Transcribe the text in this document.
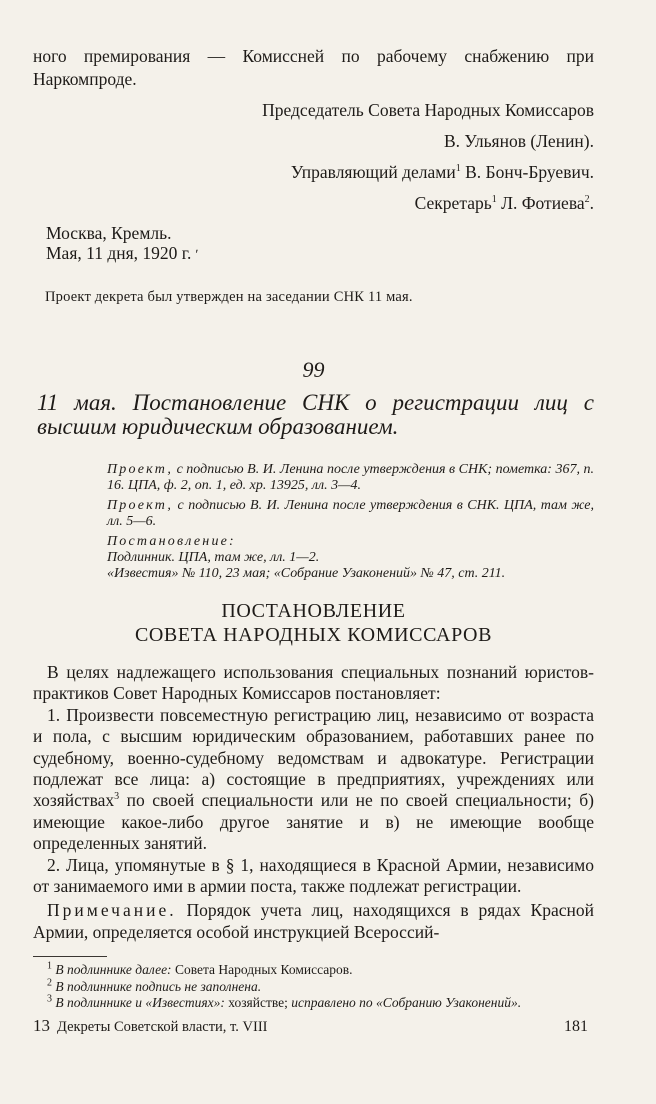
ного премирования — Комиссней по рабочему снабжению при Наркомпроде.

Председатель Совета Народных Комиссаров

В. Ульянов (Ленин).

Управляющий делами$^1$ В. Бонч-Бруевич.

Секретарь$^1$ Л. Фотиева$^2$.

Москва, Кремль.
Мая, 11 дня, 1920 г. ʹ

Проект декрета был утвержден на заседании СНК 11 мая.

99

11 мая. Постановление СНК о регистрации лиц с высшим юридическим образованием.

Проект, с подписью В. И. Ленина после утверждения в СНК; пометка: 367, п. 16. ЦПА, ф. 2, оп. 1, ед. хр. 13925, лл. 3—4.
Проект, с подписью В. И. Ленина после утверждения в СНК. ЦПА, там же, лл. 5—6.
Постановление:
Подлинник. ЦПА, там же, лл. 1—2.
«Известия» № 110, 23 мая; «Собрание Узаконений» № 47, ст. 211.
ПОСТАНОВЛЕНИЕ
СОВЕТА НАРОДНЫХ КОМИССАРОВ

В целях надлежащего использования специальных познаний юристов-практиков Совет Народных Комиссаров постановляет:

1. Произвести повсеместную регистрацию лиц, независимо от возраста и пола, с высшим юридическим образованием, работавших ранее по судебному, военно-судебному ведомствам и адвокатуре. Регистрации подлежат все лица: а) состоящие в предприятиях, учреждениях или хозяйствах$^3$ по своей специальности или не по своей специальности; б) имеющие какое-либо другое занятие и в) не имеющие вообще определенных занятий.

2. Лица, упомянутые в § 1, находящиеся в Красной Армии, независимо от занимаемого ими в армии поста, также подлежат регистрации.

Примечание. Порядок учета лиц, находящихся в рядах Красной Армии, определяется особой инструкцией Всероссий-

$^1$ В подлиннике далее: Совета Народных Комиссаров.
$^2$ В подлиннике подпись не заполнена.
$^3$ В подлиннике и «Известиях»: хозяйстве; исправлено по «Собранию Узаконений».
13 Декреты Советской власти, т. VIII	181
